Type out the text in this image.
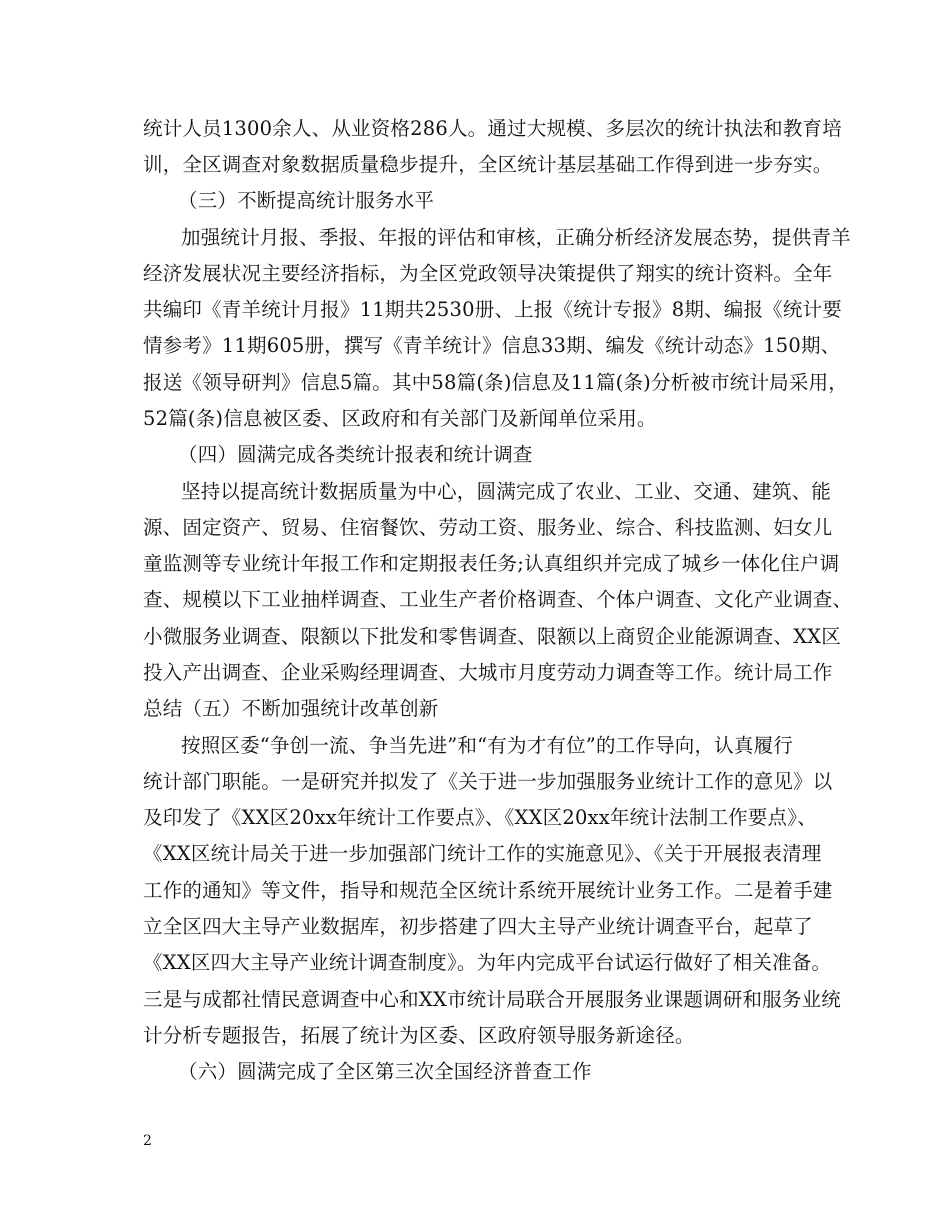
统计人员1300余人、从业资格286人。通过大规模、多层次的统计执法和教育培
训，全区调查对象数据质量稳步提升，全区统计基层基础工作得到进一步夯实。
（三）不断提高统计服务水平
加强统计月报、季报、年报的评估和审核，正确分析经济发展态势，提供青羊
经济发展状况主要经济指标，为全区党政领导决策提供了翔实的统计资料。全年
共编印《青羊统计月报》11期共2530册、上报《统计专报》8期、编报《统计要
情参考》11期605册，撰写《青羊统计》信息33期、编发《统计动态》150期、
报送《领导研判》信息5篇。其中58篇(条)信息及11篇(条)分析被市统计局采用，
52篇(条)信息被区委、区政府和有关部门及新闻单位采用。
（四）圆满完成各类统计报表和统计调查
坚持以提高统计数据质量为中心，圆满完成了农业、工业、交通、建筑、能
源、固定资产、贸易、住宿餐饮、劳动工资、服务业、综合、科技监测、妇女儿
童监测等专业统计年报工作和定期报表任务;认真组织并完成了城乡一体化住户调
查、规模以下工业抽样调查、工业生产者价格调查、个体户调查、文化产业调查、
小微服务业调查、限额以下批发和零售调查、限额以上商贸企业能源调查、XX区
投入产出调查、企业采购经理调查、大城市月度劳动力调查等工作。统计局工作
总结（五）不断加强统计改革创新
按照区委“争创一流、争当先进”和“有为才有位”的工作导向，认真履行
统计部门职能。一是研究并拟发了《关于进一步加强服务业统计工作的意见》以
及印发了《XX区20xx年统计工作要点》、《XX区20xx年统计法制工作要点》、
《XX区统计局关于进一步加强部门统计工作的实施意见》、《关于开展报表清理
工作的通知》等文件，指导和规范全区统计系统开展统计业务工作。二是着手建
立全区四大主导产业数据库，初步搭建了四大主导产业统计调查平台，起草了
《XX区四大主导产业统计调查制度》。为年内完成平台试运行做好了相关准备。
三是与成都社情民意调查中心和XX市统计局联合开展服务业课题调研和服务业统
计分析专题报告，拓展了统计为区委、区政府领导服务新途径。
（六）圆满完成了全区第三次全国经济普查工作
2
